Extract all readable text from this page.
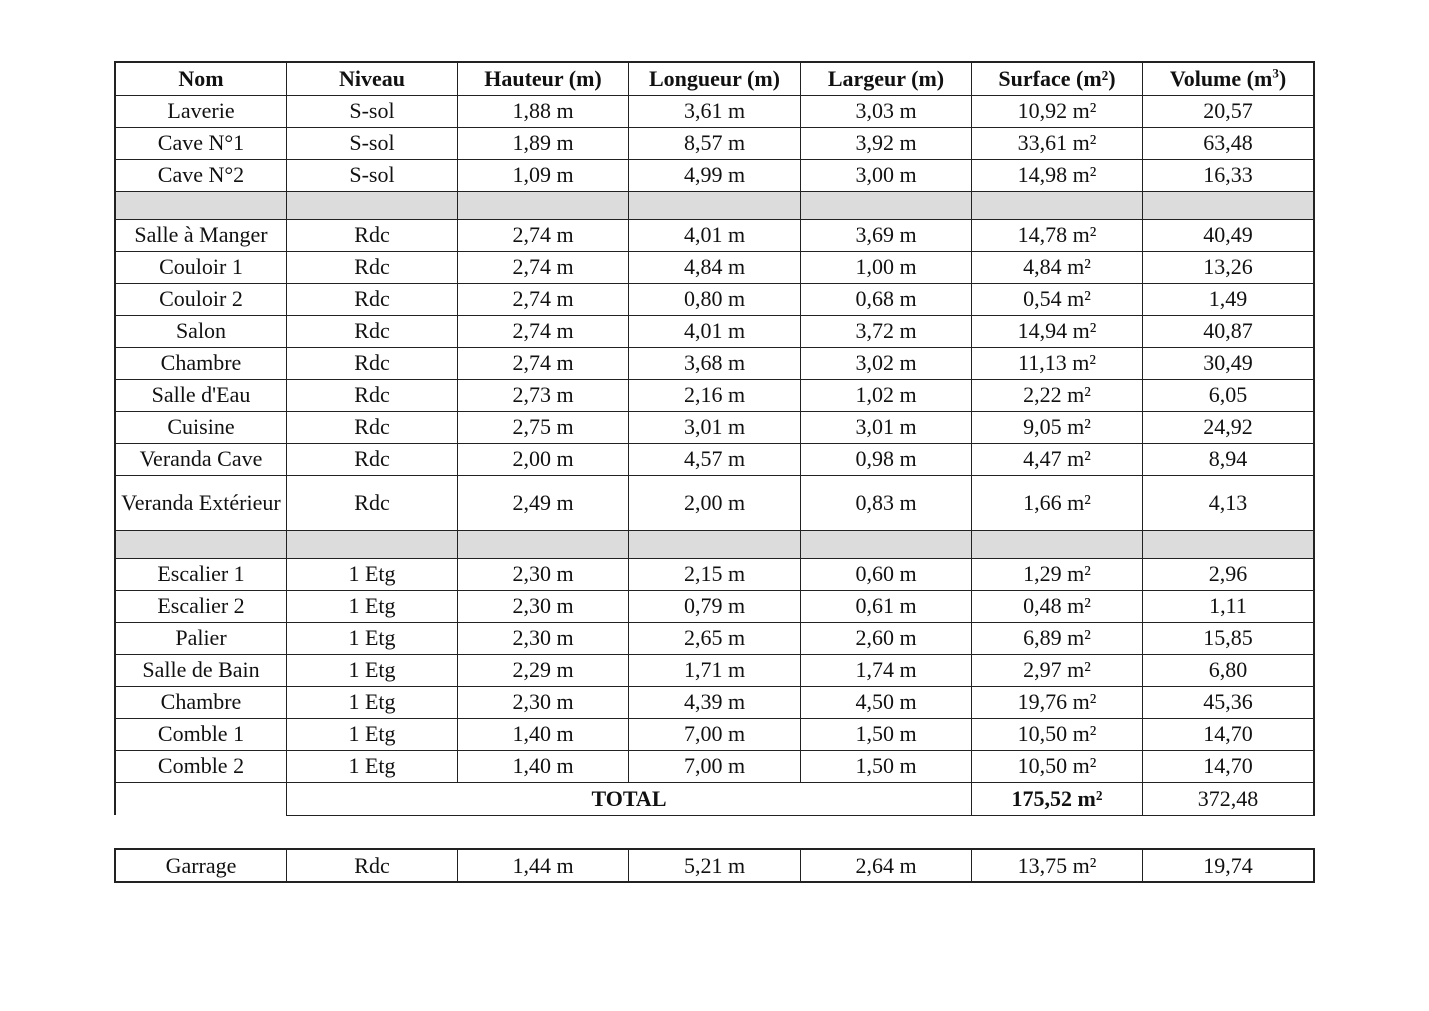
Nom	Niveau	Hauteur (m)	Longueur (m)	Largeur (m)	Surface (m²)	Volume $(m^3)$
Laverie	S-sol	1,88 m	3,61 m	3,03 m	10,92 m²	20,57
Cave N°1	S-sol	1,89 m	8,57 m	3,92 m	33,61 m²	63,48
Cave N°2	S-sol	1,09 m	4,99 m	3,00 m	14,98 m²	16,33

Salle à Manger	Rdc	2,74 m	4,01 m	3,69 m	14,78 m²	40,49
Couloir 1	Rdc	2,74 m	4,84 m	1,00 m	4,84 m²	13,26
Couloir 2	Rdc	2,74 m	0,80 m	0,68 m	0,54 m²	1,49
Salon	Rdc	2,74 m	4,01 m	3,72 m	14,94 m²	40,87
Chambre	Rdc	2,74 m	3,68 m	3,02 m	11,13 m²	30,49
Salle d'Eau	Rdc	2,73 m	2,16 m	1,02 m	2,22 m²	6,05
Cuisine	Rdc	2,75 m	3,01 m	3,01 m	9,05 m²	24,92
Veranda Cave	Rdc	2,00 m	4,57 m	0,98 m	4,47 m²	8,94
Veranda Extérieur	Rdc	2,49 m	2,00 m	0,83 m	1,66 m²	4,13

Escalier 1	1 Etg	2,30 m	2,15 m	0,60 m	1,29 m²	2,96
Escalier 2	1 Etg	2,30 m	0,79 m	0,61 m	0,48 m²	1,11
Palier	1 Etg	2,30 m	2,65 m	2,60 m	6,89 m²	15,85
Salle de Bain	1 Etg	2,29 m	1,71 m	1,74 m	2,97 m²	6,80
Chambre	1 Etg	2,30 m	4,39 m	4,50 m	19,76 m²	45,36
Comble 1	1 Etg	1,40 m	7,00 m	1,50 m	10,50 m²	14,70
Comble 2	1 Etg	1,40 m	7,00 m	1,50 m	10,50 m²	14,70
	TOTAL				175,52 m²	372,48
Garrage	Rdc	1,44 m	5,21 m	2,64 m	13,75 m²	19,74
